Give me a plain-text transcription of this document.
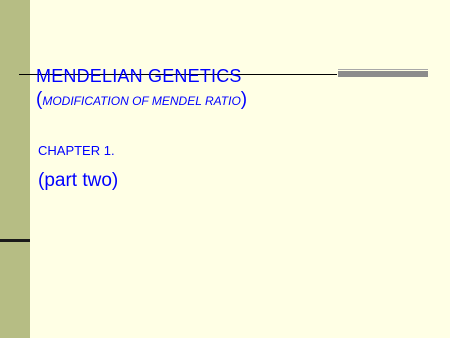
MENDELIAN GENETICS
(MODIFICATION OF MENDEL RATIO)
CHAPTER 1.
(part two)
